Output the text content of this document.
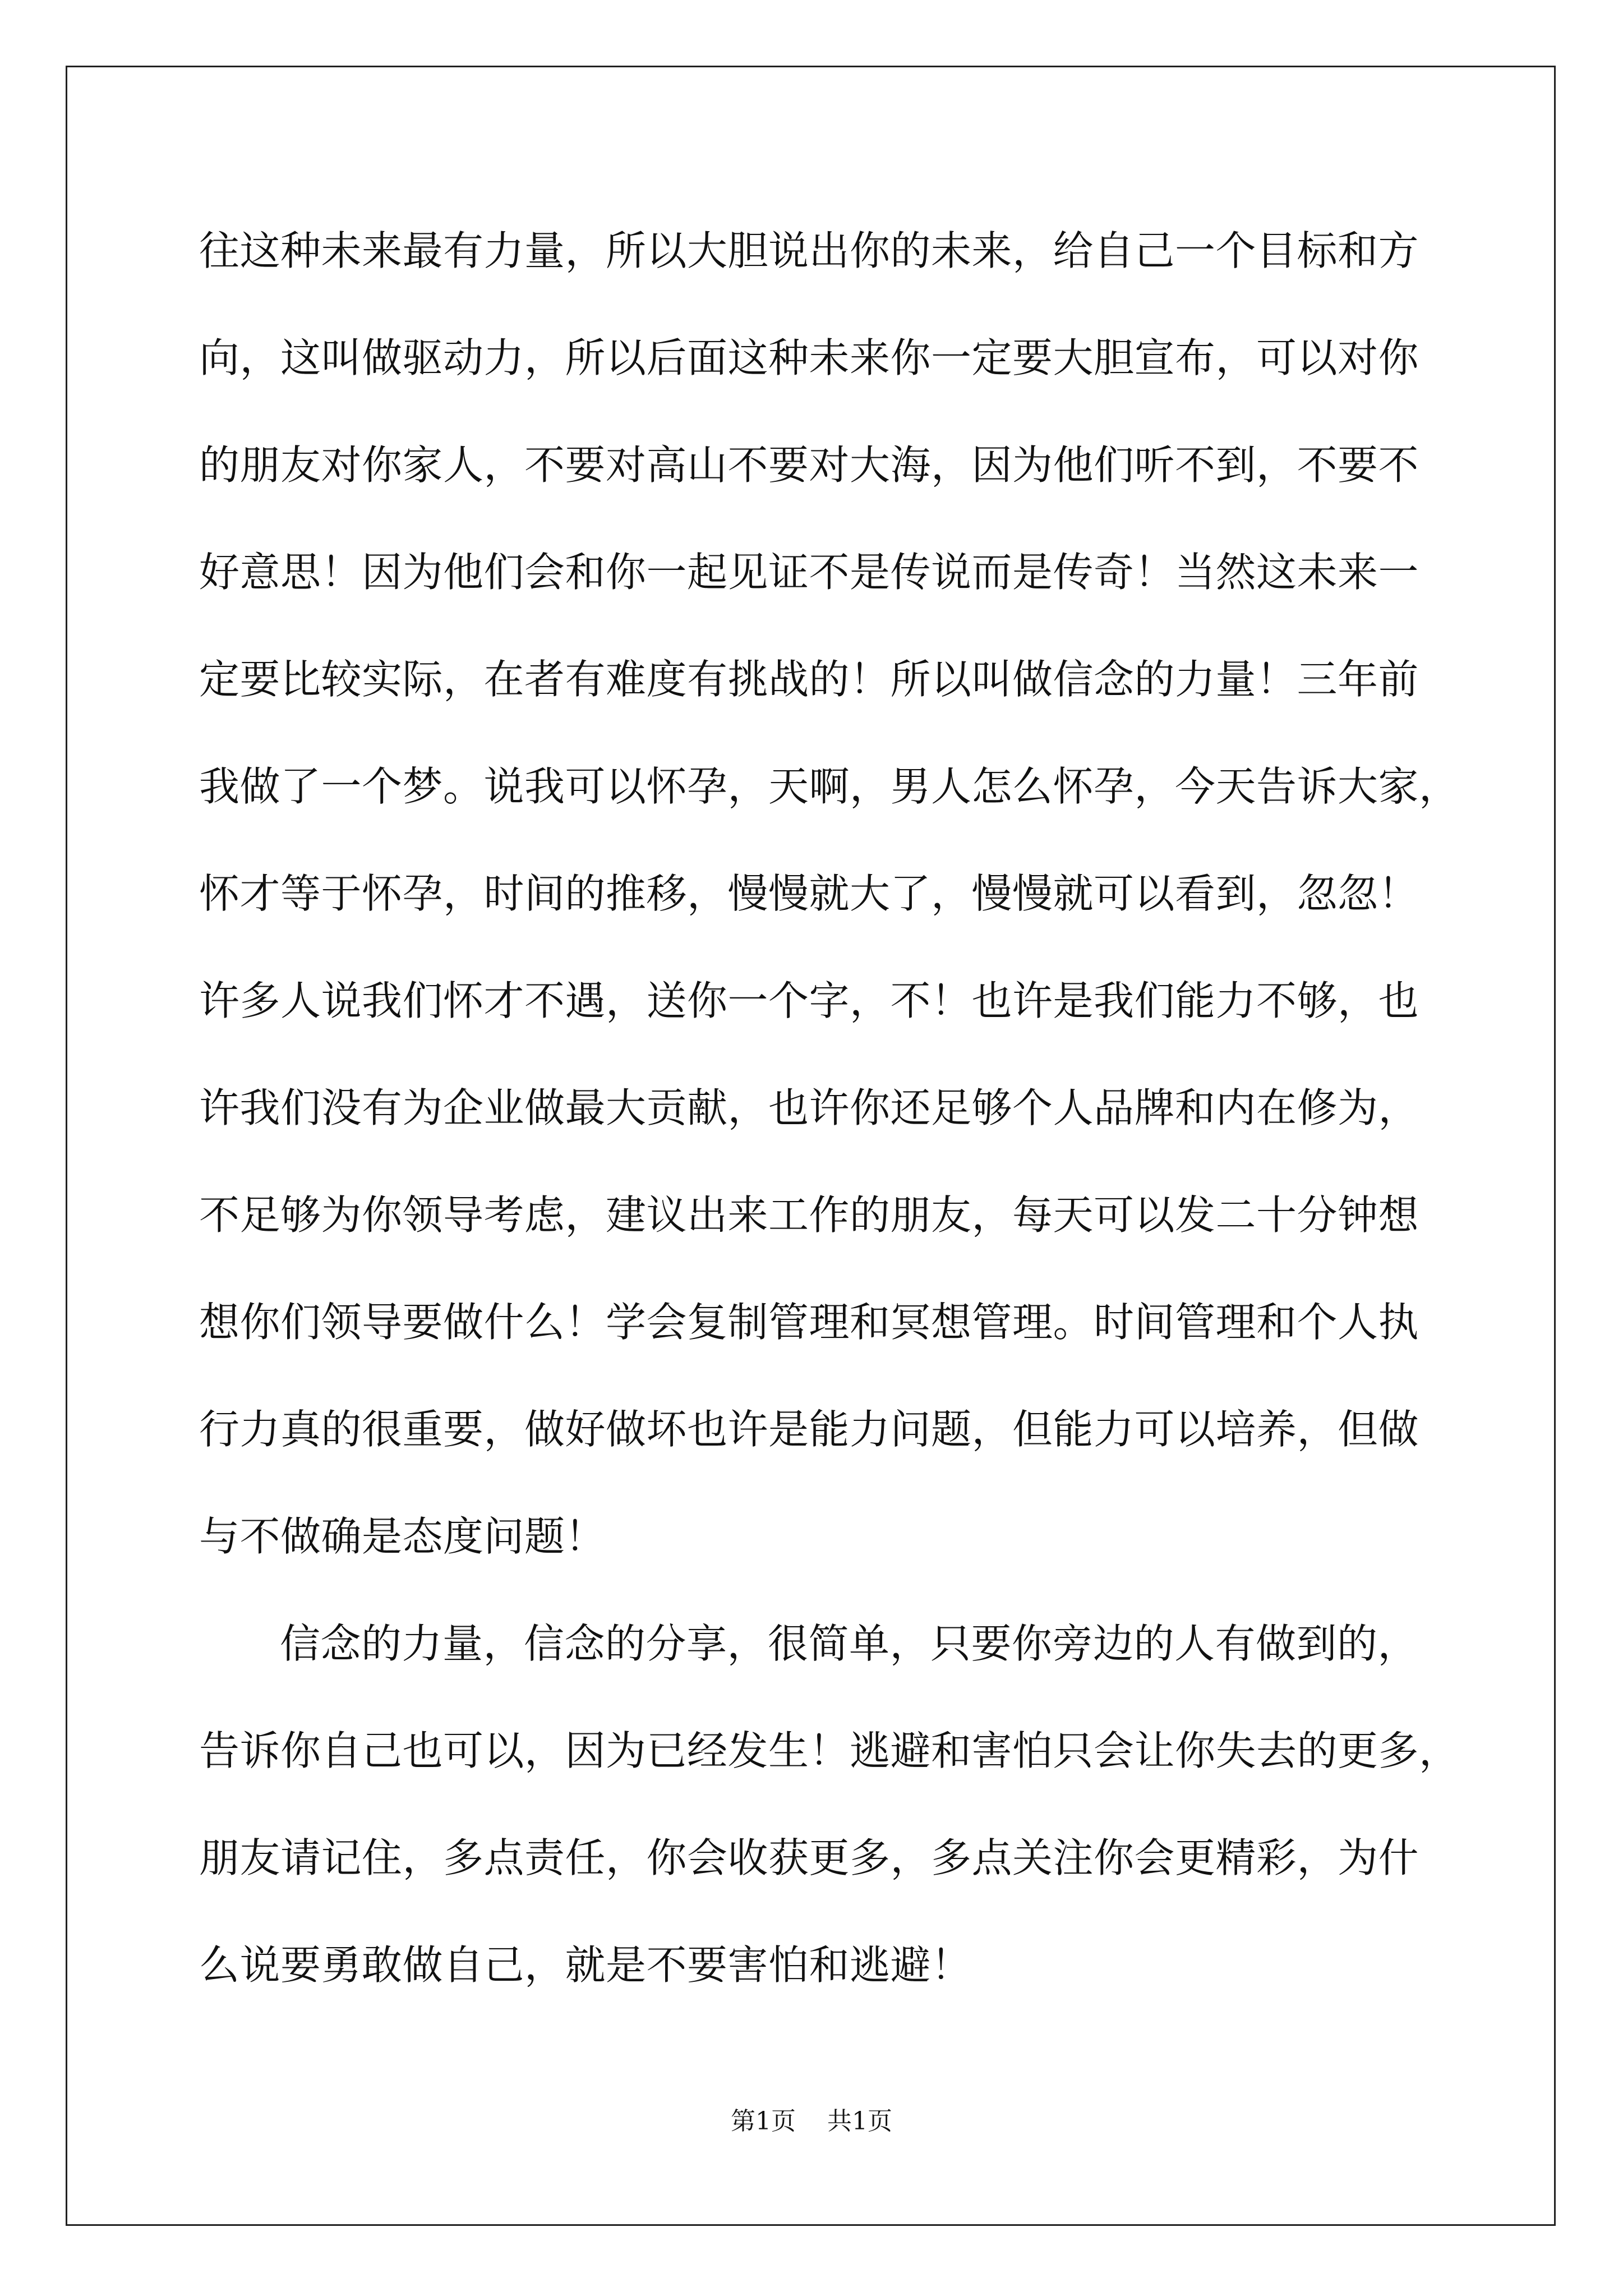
往这种未来最有力量，所以大胆说出你的未来，给自己一个目标和方
向，这叫做驱动力，所以后面这种未来你一定要大胆宣布，可以对你
的朋友对你家人，不要对高山不要对大海，因为他们听不到，不要不
好意思！因为他们会和你一起见证不是传说而是传奇！当然这未来一
定要比较实际，在者有难度有挑战的！所以叫做信念的力量！三年前
我做了一个梦。说我可以怀孕，天啊，男人怎么怀孕，今天告诉大家，
怀才等于怀孕，时间的推移，慢慢就大了，慢慢就可以看到，忽忽！
许多人说我们怀才不遇，送你一个字，不！也许是我们能力不够，也
许我们没有为企业做最大贡献，也许你还足够个人品牌和内在修为，
不足够为你领导考虑，建议出来工作的朋友，每天可以发二十分钟想
想你们领导要做什么！学会复制管理和冥想管理。时间管理和个人执
行力真的很重要，做好做坏也许是能力问题，但能力可以培养，但做
与不做确是态度问题！
信念的力量，信念的分享，很简单，只要你旁边的人有做到的，
告诉你自己也可以，因为已经发生！逃避和害怕只会让你失去的更多，
朋友请记住，多点责任，你会收获更多，多点关注你会更精彩，为什
么说要勇敢做自己，就是不要害怕和逃避！
第1页 共1页
